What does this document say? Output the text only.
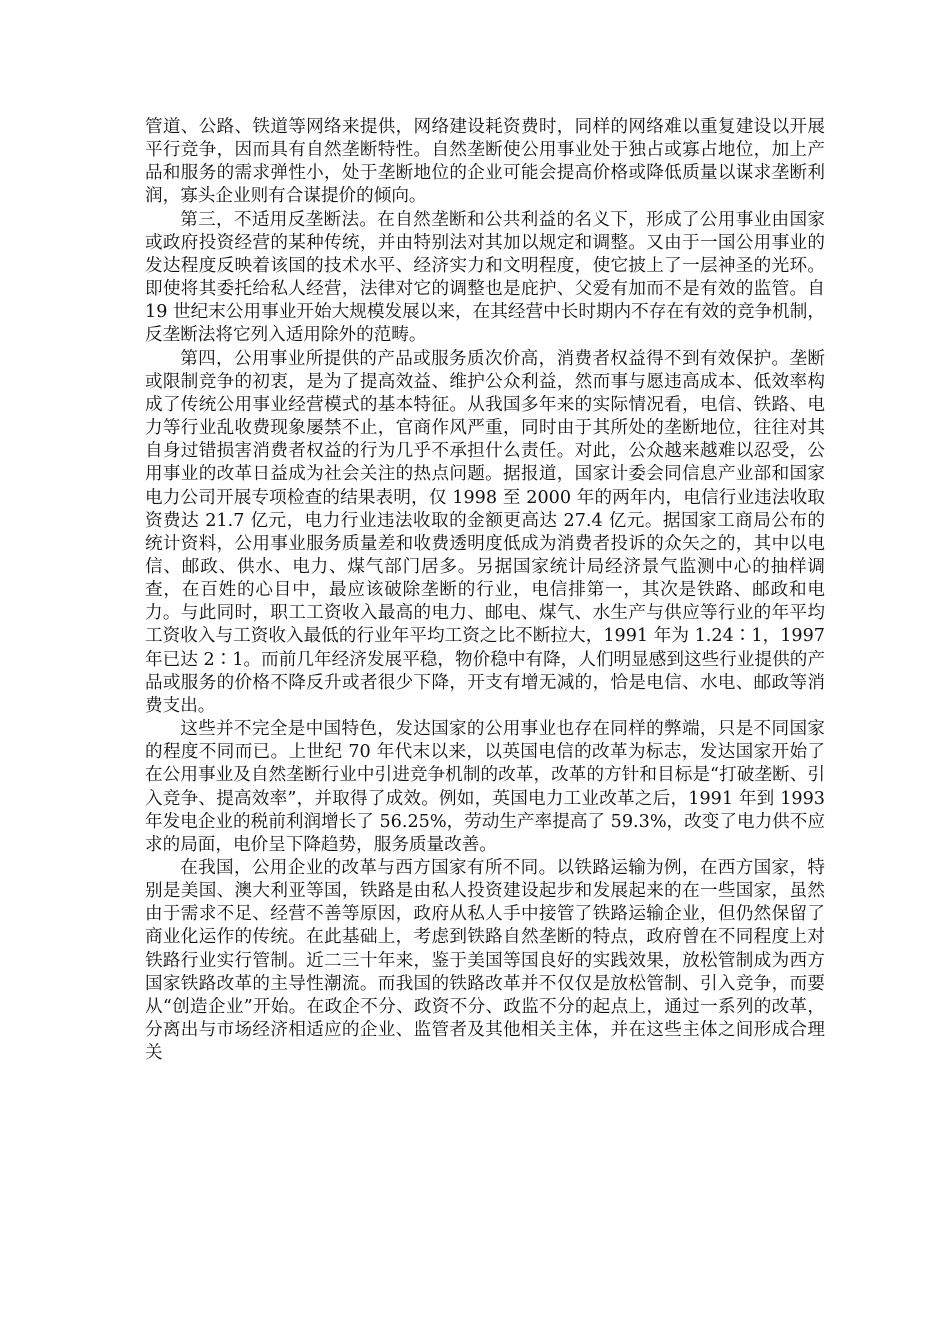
管道、公路、铁道等网络来提供，网络建设耗资费时，同样的网络难以重复建设以开展平行竞争，因而具有自然垄断特性。自然垄断使公用事业处于独占或寡占地位，加上产品和服务的需求弹性小，处于垄断地位的企业可能会提高价格或降低质量以谋求垄断利润，寡头企业则有合谋提价的倾向。

第三，不适用反垄断法。在自然垄断和公共利益的名义下，形成了公用事业由国家或政府投资经营的某种传统，并由特别法对其加以规定和调整。又由于一国公用事业的发达程度反映着该国的技术水平、经济实力和文明程度，使它披上了一层神圣的光环。即使将其委托给私人经营，法律对它的调整也是庇护、父爱有加而不是有效的监管。自 19 世纪末公用事业开始大规模发展以来，在其经营中长时期内不存在有效的竞争机制，反垄断法将它列入适用除外的范畴。

第四，公用事业所提供的产品或服务质次价高，消费者权益得不到有效保护。垄断或限制竞争的初衷，是为了提高效益、维护公众利益，然而事与愿违高成本、低效率构成了传统公用事业经营模式的基本特征。从我国多年来的实际情况看，电信、铁路、电力等行业乱收费现象屡禁不止，官商作风严重，同时由于其所处的垄断地位，往往对其自身过错损害消费者权益的行为几乎不承担什么责任。对此，公众越来越难以忍受，公用事业的改革日益成为社会关注的热点问题。据报道，国家计委会同信息产业部和国家电力公司开展专项检查的结果表明，仅 1998 至 2000 年的两年内，电信行业违法收取资费达 21.7 亿元，电力行业违法收取的金额更高达 27.4 亿元。据国家工商局公布的统计资料，公用事业服务质量差和收费透明度低成为消费者投诉的众矢之的，其中以电信、邮政、供水、电力、煤气部门居多。另据国家统计局经济景气监测中心的抽样调查，在百姓的心目中，最应该破除垄断的行业，电信排第一，其次是铁路、邮政和电力。与此同时，职工工资收入最高的电力、邮电、煤气、水生产与供应等行业的年平均工资收入与工资收入最低的行业年平均工资之比不断拉大，1991 年为 1.24∶1，1997 年已达 2∶1。而前几年经济发展平稳，物价稳中有降，人们明显感到这些行业提供的产品或服务的价格不降反升或者很少下降，开支有增无减的，恰是电信、水电、邮政等消费支出。

这些并不完全是中国特色，发达国家的公用事业也存在同样的弊端，只是不同国家的程度不同而已。上世纪 70 年代末以来，以英国电信的改革为标志，发达国家开始了在公用事业及自然垄断行业中引进竞争机制的改革，改革的方针和目标是“打破垄断、引入竞争、提高效率”，并取得了成效。例如，英国电力工业改革之后，1991 年到 1993 年发电企业的税前利润增长了 56.25%，劳动生产率提高了 59.3%，改变了电力供不应求的局面，电价呈下降趋势，服务质量改善。

在我国，公用企业的改革与西方国家有所不同。以铁路运输为例，在西方国家，特别是美国、澳大利亚等国，铁路是由私人投资建设起步和发展起来的在一些国家，虽然由于需求不足、经营不善等原因，政府从私人手中接管了铁路运输企业，但仍然保留了商业化运作的传统。在此基础上，考虑到铁路自然垄断的特点，政府曾在不同程度上对铁路行业实行管制。近二三十年来，鉴于美国等国良好的实践效果，放松管制成为西方国家铁路改革的主导性潮流。而我国的铁路改革并不仅仅是放松管制、引入竞争，而要从“创造企业”开始。在政企不分、政资不分、政监不分的起点上，通过一系列的改革，分离出与市场经济相适应的企业、监管者及其他相关主体，并在这些主体之间形成合理关
